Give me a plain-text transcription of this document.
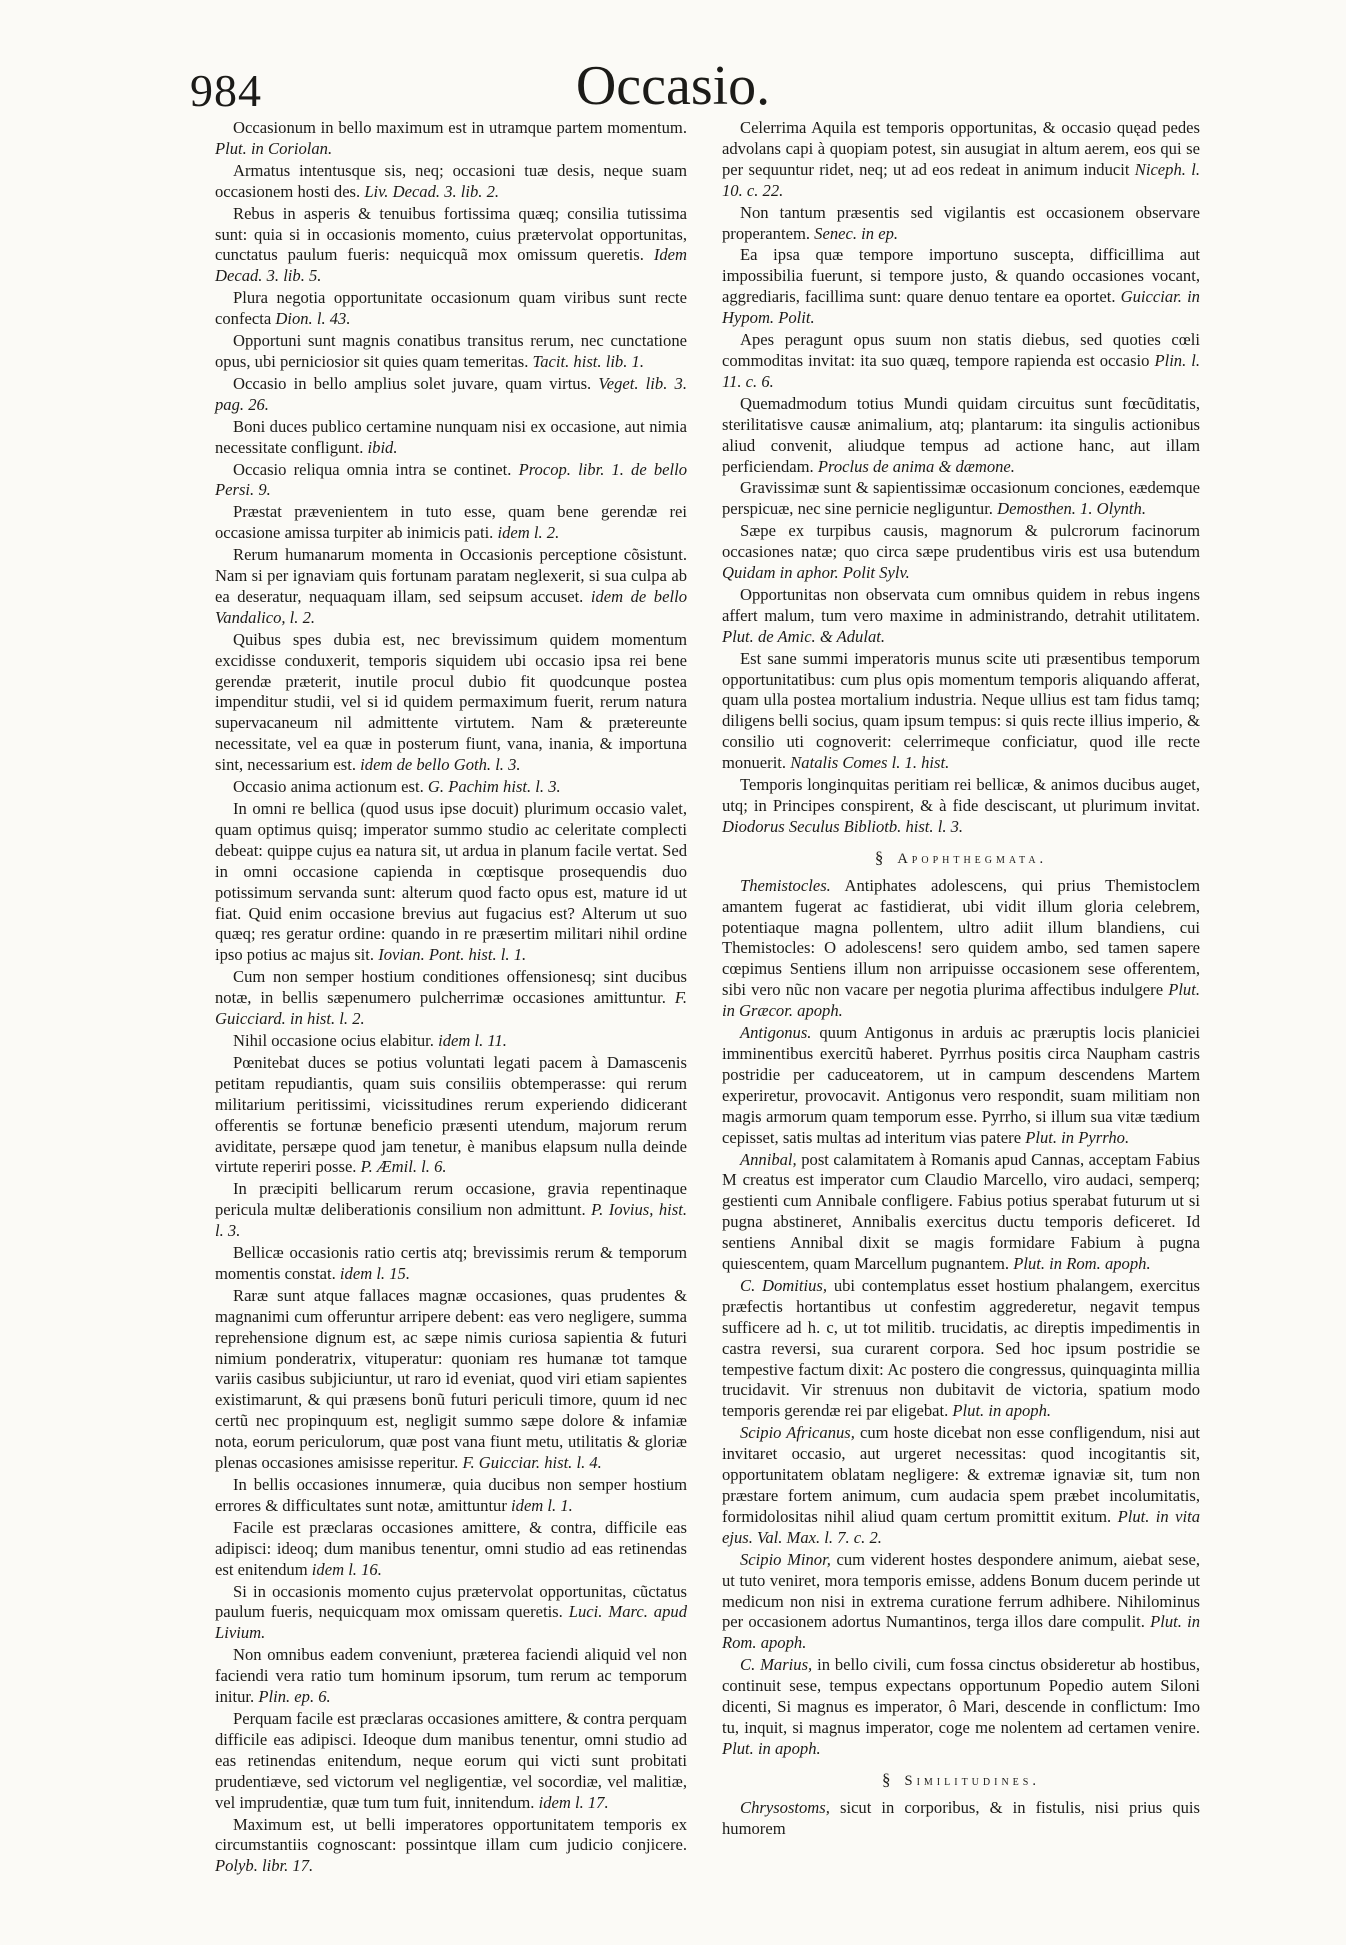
984	Occasio.

Occasionum in bello maximum est in utramque partem momentum. Plut. in Coriolan.

Armatus intentusque sis, neq; occasioni tuæ desis, neque suam occasionem hosti des. Liv. Decad. 3. lib. 2.

Rebus in asperis & tenuibus fortissima quæq; consilia tutissima sunt: quia si in occasionis momento, cuius prætervolat opportunitas, cunctatus paulum fueris: nequicquã mox omissum queretis. Idem Decad. 3. lib. 5.

Plura negotia opportunitate occasionum quam viribus sunt recte confecta Dion. l. 43.

Opportuni sunt magnis conatibus transitus rerum, nec cunctatione opus, ubi perniciosior sit quies quam temeritas. Tacit. hist. lib. 1.

Occasio in bello amplius solet juvare, quam virtus. Veget. lib. 3. pag. 26.

Boni duces publico certamine nunquam nisi ex occasione, aut nimia necessitate confligunt. ibid.

Occasio reliqua omnia intra se continet. Procop. libr. 1. de bello Persi. 9.

Præstat prævenientem in tuto esse, quam bene gerendæ rei occasione amissa turpiter ab inimicis pati. idem l. 2.

Rerum humanarum momenta in Occasionis perceptione cõsistunt. Nam si per ignaviam quis fortunam paratam neglexerit, si sua culpa ab ea deseratur, nequaquam illam, sed seipsum accuset. idem de bello Vandalico, l. 2.

Quibus spes dubia est, nec brevissimum quidem momentum excidisse conduxerit, temporis siquidem ubi occasio ipsa rei bene gerendæ præterit, inutile procul dubio fit quodcunque postea impenditur studii, vel si id quidem permaximum fuerit, rerum natura supervacaneum nil admittente virtutem. Nam & prætereunte necessitate, vel ea quæ in posterum fiunt, vana, inania, & importuna sint, necessarium est. idem de bello Goth. l. 3.

Occasio anima actionum est. G. Pachim hist. l. 3.

In omni re bellica (quod usus ipse docuit) plurimum occasio valet, quam optimus quisq; imperator summo studio ac celeritate complecti debeat: quippe cujus ea natura sit, ut ardua in planum facile vertat. Sed in omni occasione capienda in cœptisque prosequendis duo potissimum servanda sunt: alterum quod facto opus est, mature id ut fiat. Quid enim occasione brevius aut fugacius est? Alterum ut suo quæq; res geratur ordine: quando in re præsertim militari nihil ordine ipso potius ac majus sit. Iovian. Pont. hist. l. 1.

Cum non semper hostium conditiones offensionesq; sint ducibus notæ, in bellis sæpenumero pulcherrimæ occasiones amittuntur. F. Guicciard. in hist. l. 2.

Nihil occasione ocius elabitur. idem l. 11.

Pœnitebat duces se potius voluntati legati pacem à Damascenis petitam repudiantis, quam suis consiliis obtemperasse: qui rerum militarium peritissimi, vicissitudines rerum experiendo didicerant offerentis se fortunæ beneficio præsenti utendum, majorum rerum aviditate, persæpe quod jam tenetur, è manibus elapsum nulla deinde virtute reperiri posse. P. Æmil. l. 6.

In præcipiti bellicarum rerum occasione, gravia repentinaque pericula multæ deliberationis consilium non admittunt. P. Iovius, hist. l. 3.

Bellicæ occasionis ratio certis atq; brevissimis rerum & temporum momentis constat. idem l. 15.

Raræ sunt atque fallaces magnæ occasiones, quas prudentes & magnanimi cum offeruntur arripere debent: eas vero negligere, summa reprehensione dignum est, ac sæpe nimis curiosa sapientia & futuri nimium ponderatrix, vituperatur: quoniam res humanæ tot tamque variis casibus subjiciuntur, ut raro id eveniat, quod viri etiam sapientes existimarunt, & qui præsens bonũ futuri periculi timore, quum id nec certũ nec propinquum est, negligit summo sæpe dolore & infamiæ nota, eorum periculorum, quæ post vana fiunt metu, utilitatis & gloriæ plenas occasiones amisisse reperitur. F. Guicciar. hist. l. 4.

In bellis occasiones innumeræ, quia ducibus non semper hostium errores & difficultates sunt notæ, amittuntur idem l. 1.

Facile est præclaras occasiones amittere, & contra, difficile eas adipisci: ideoq; dum manibus tenentur, omni studio ad eas retinendas est enitendum idem l. 16.

Si in occasionis momento cujus prætervolat opportunitas, cũctatus paulum fueris, nequicquam mox omissam queretis. Luci. Marc. apud Livium.

Non omnibus eadem conveniunt, præterea faciendi aliquid vel non faciendi vera ratio tum hominum ipsorum, tum rerum ac temporum initur. Plin. ep. 6.

Perquam facile est præclaras occasiones amittere, & contra perquam difficile eas adipisci. Ideoque dum manibus tenentur, omni studio ad eas retinendas enitendum, neque eorum qui victi sunt probitati prudentiævе, sed victorum vel negligentiæ, vel socordiæ, vel malitiæ, vel imprudentiæ, quæ tum tum fuit, innitendum. idem l. 17.

Maximum est, ut belli imperatores opportunitatem temporis ex circumstantiis cognoscant: possintque illam cum judicio conjicere. Polyb. libr. 17.

Celerrima Aquila est temporis opportunitas, & occasio quęad pedes advolans capi à quopiam potest, sin ausugiat in altum aerem, eos qui se per sequuntur ridet, neq; ut ad eos redeat in animum inducit Niceph. l. 10. c. 22.

Non tantum præsentis sed vigilantis est occasionem observare properantem. Senec. in ep.

Ea ipsa quæ tempore importuno suscepta, difficillima aut impossibilia fuerunt, si tempore justo, & quando occasiones vocant, aggrediaris, facillima sunt: quare denuo tentare ea oportet. Guicciar. in Hypom. Polit.

Apes peragunt opus suum non statis diebus, sed quoties cœli commoditas invitat: ita suo quæq, tempore rapienda est occasio Plin. l. 11. c. 6.

Quemadmodum totius Mundi quidam circuitus sunt fœcũditatis, sterilitatisve causæ animalium, atq; plantarum: ita singulis actionibus aliud convenit, aliudque tempus ad actione hanc, aut illam perficiendam. Proclus de anima & dæmone.

Gravissimæ sunt & sapientissimæ occasionum conciones, eædemque perspicuæ, nec sine pernicie negliguntur. Demosthen. 1. Olynth.

Sæpe ex turpibus causis, magnorum & pulcrorum facinorum occasiones natæ; quo circa sæpe prudentibus viris est usa butendum Quidam in aphor. Polit Sylv.

Opportunitas non observata cum omnibus quidem in rebus ingens affert malum, tum vero maxime in administrando, detrahit utilitatem. Plut. de Amic. & Adulat.

Est sane summi imperatoris munus scite uti præsentibus temporum opportunitatibus: cum plus opis momentum temporis aliquando afferat, quam ulla postea mortalium industria. Neque ullius est tam fidus tamq; diligens belli socius, quam ipsum tempus: si quis recte illius imperio, & consilio uti cognoverit: celerrimeque conficiatur, quod ille recte monuerit. Natalis Comes l. 1. hist.

Temporis longinquitas peritiam rei bellicæ, & animos ducibus auget, utq; in Principes conspirent, & à fide desciscant, ut plurimum invitat. Diodorus Seculus Bibliotb. hist. l. 3.

§ Apophthegmata.

Themistocles. Antiphates adolescens, qui prius Themistoclem amantem fugerat ac fastidierat, ubi vidit illum gloria celebrem, potentiaque magna pollentem, ultro adiit illum blandiens, cui Themistocles: O adolescens! sero quidem ambo, sed tamen sapere cœpimus Sentiens illum non arripuisse occasionem sese offerentem, sibi vero nũc non vacare per negotia plurima affectibus indulgere Plut. in Græcor. apoph.

Antigonus. quum Antigonus in arduis ac præruptis locis planiciei imminentibus exercitũ haberet. Pyrrhus positis circa Naupham castris postridie per caduceatorem, ut in campum descendens Martem experiretur, provocavit. Antigonus vero respondit, suam militiam non magis armorum quam temporum esse. Pyrrho, si illum sua vitæ tædium cepisset, satis multas ad interitum vias patere Plut. in Pyrrho.

Annibal, post calamitatem à Romanis apud Cannas, acceptam Fabius M creatus est imperator cum Claudio Marcello, viro audaci, semperq; gestienti cum Annibale confligere. Fabius potius sperabat futurum ut si pugna abstineret, Annibalis exercitus ductu temporis deficeret. Id sentiens Annibal dixit se magis formidare Fabium à pugna quiescentem, quam Marcellum pugnantem. Plut. in Rom. apoph.

C. Domitius, ubi contemplatus esset hostium phalangem, exercitus præfectis hortantibus ut confestim aggrederetur, negavit tempus sufficere ad h. c, ut tot militib. trucidatis, ac direptis impedimentis in castra reversi, sua curarent corpora. Sed hoc ipsum postridie se tempestive factum dixit: Ac postero die congressus, quinquaginta millia trucidavit. Vir strenuus non dubitavit de victoria, spatium modo temporis gerendæ rei par eligebat. Plut. in apoph.

Scipio Africanus, cum hoste dicebat non esse confligendum, nisi aut invitaret occasio, aut urgeret necessitas: quod incogitantis sit, opportunitatem oblatam negligere: & extremæ ignaviæ sit, tum non præstare fortem animum, cum audacia spem præbet incolumitatis, formidolositas nihil aliud quam certum promittit exitum. Plut. in vita ejus. Val. Max. l. 7. c. 2.

Scipio Minor, cum viderent hostes despondere animum, aiebat sese, ut tuto veniret, mora temporis emisse, addens Bonum ducem perinde ut medicum non nisi in extrema curatione ferrum adhibere. Nihilominus per occasionem adortus Numantinos, terga illos dare compulit. Plut. in Rom. apoph.

C. Marius, in bello civili, cum fossa cinctus obsideretur ab hostibus, continuit sese, tempus expectans opportunum Popedio autem Siloni dicenti, Si magnus es imperator, ô Mari, descende in conflictum: Imo tu, inquit, si magnus imperator, coge me nolentem ad certamen venire. Plut. in apoph.

§ Similitudines.

Chrysostoms, sicut in corporibus, & in fistulis, nisi prius quis humorem
